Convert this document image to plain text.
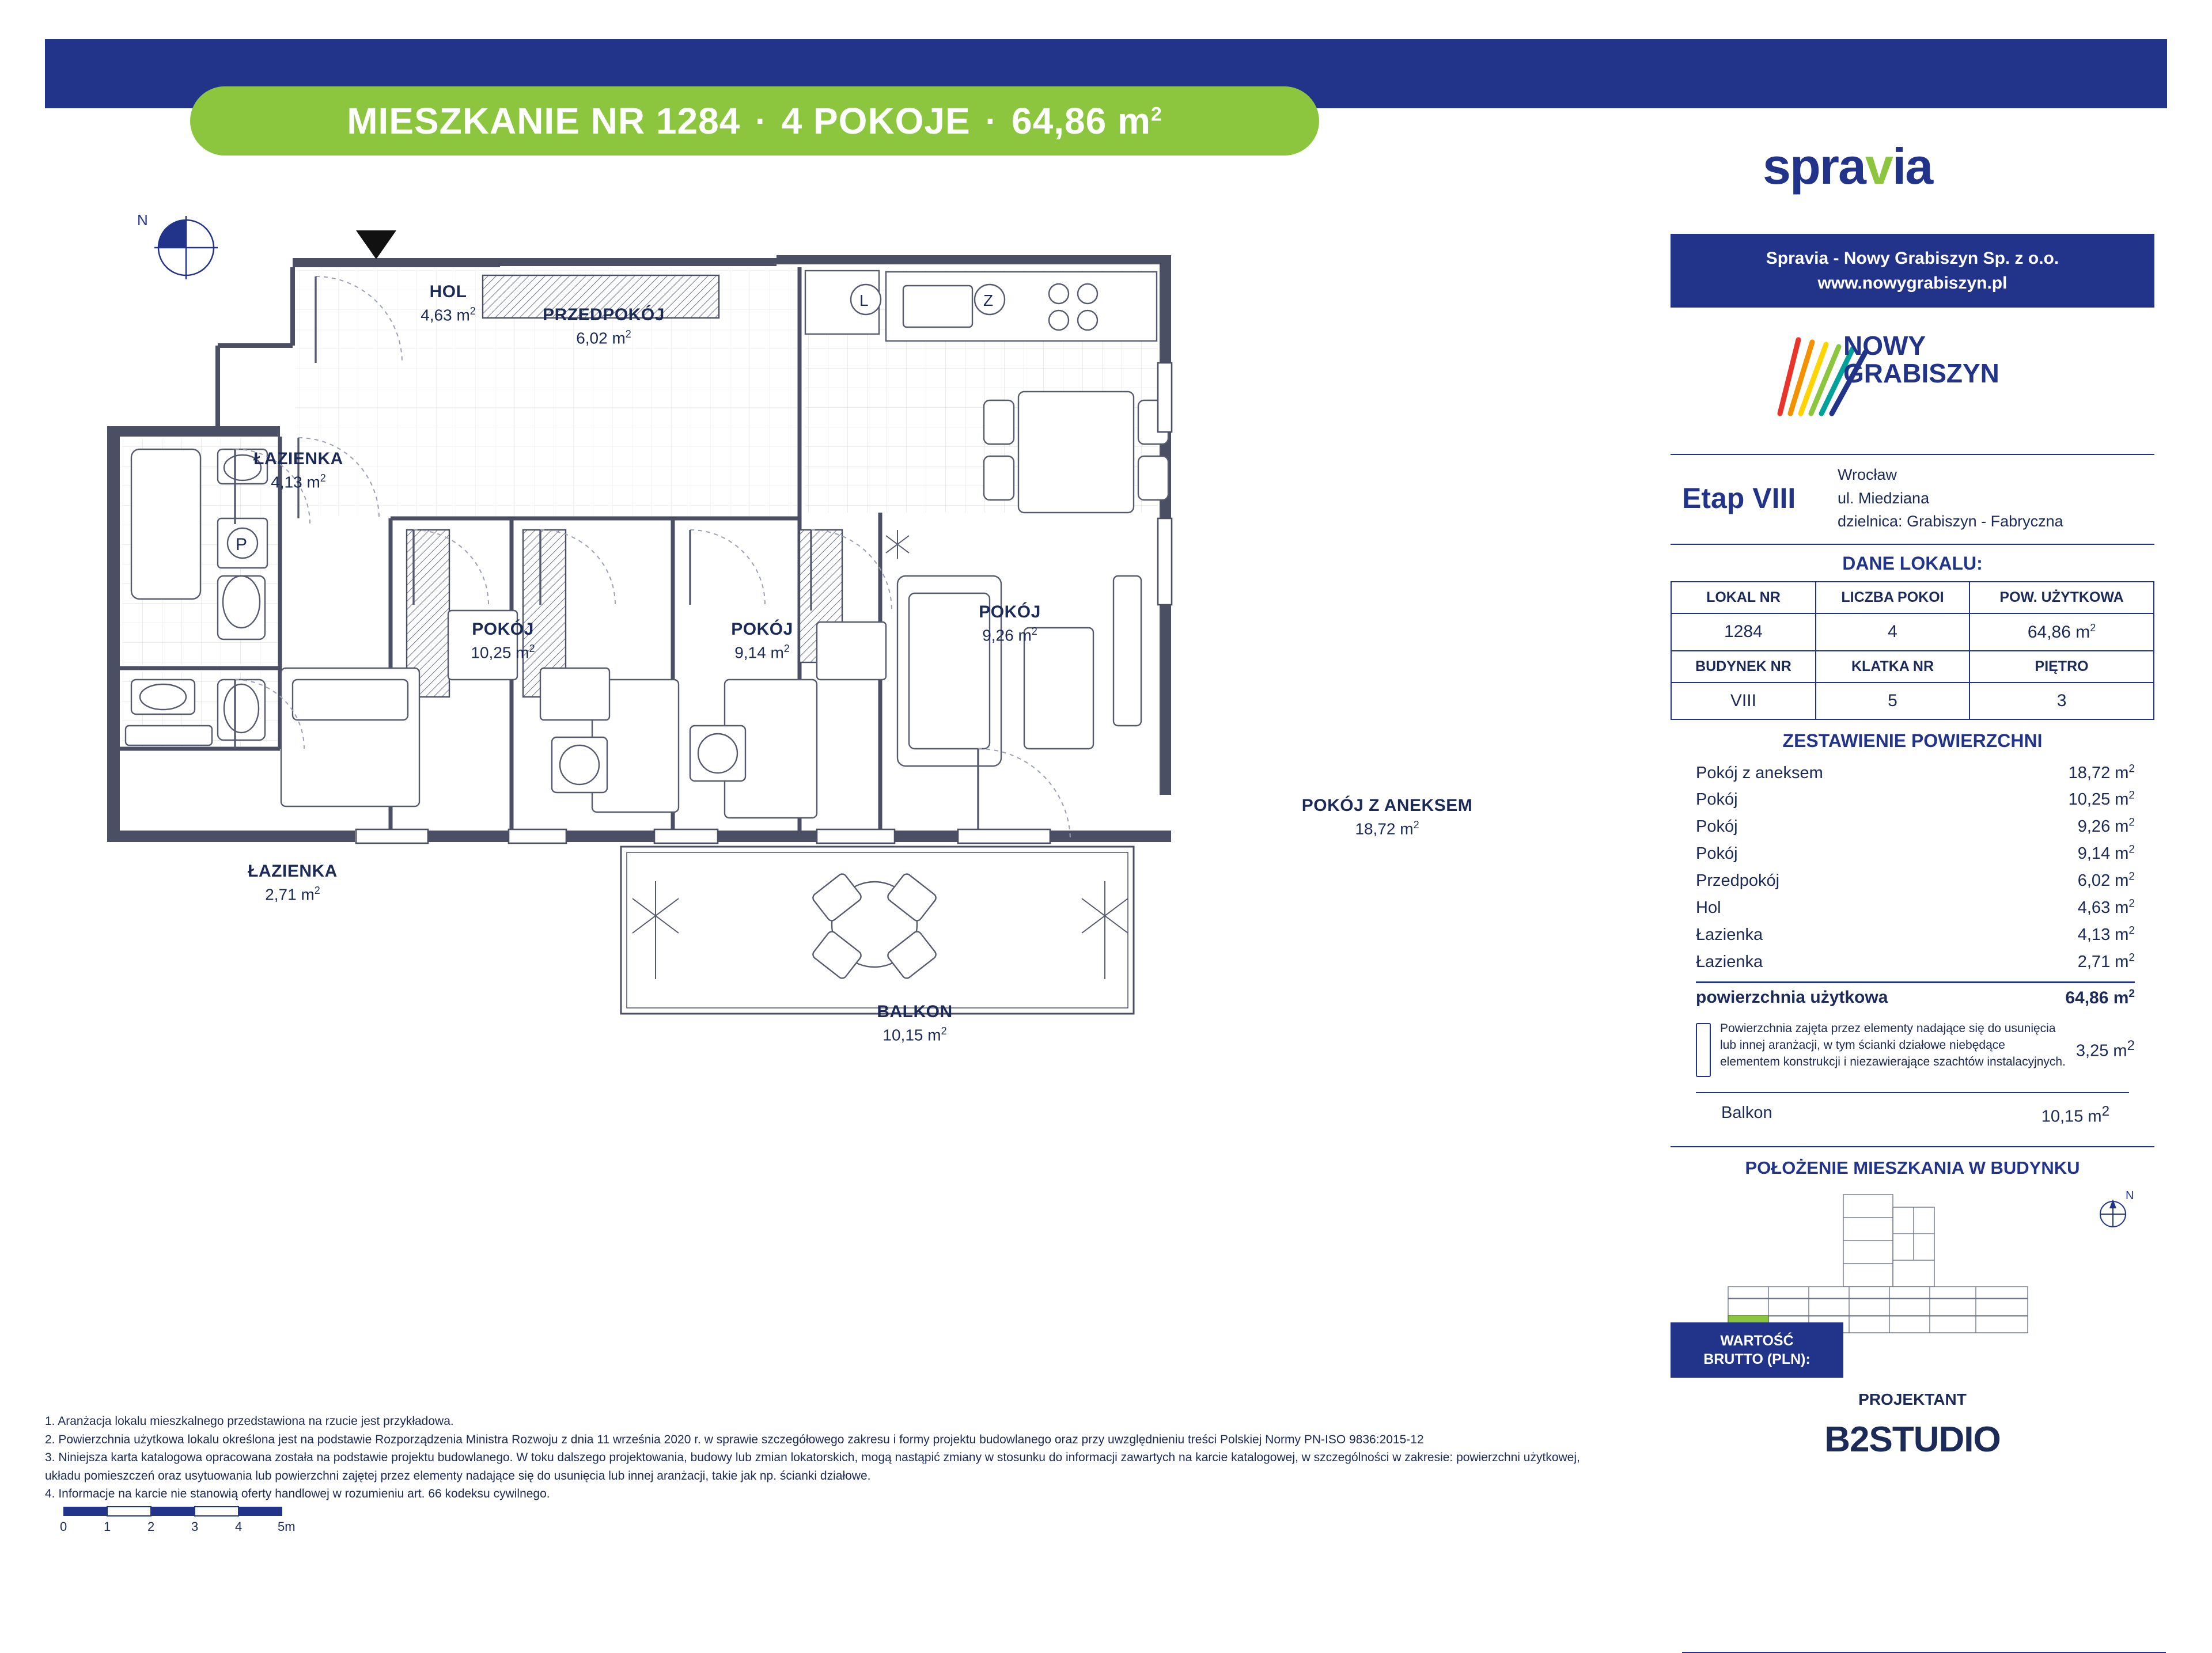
MIESZKANIE NR 1284 · 4 POKOJE · 64,86 $m^2$
spravia
Spravia - Nowy Grabiszyn Sp. z o.o.
www.nowygrabiszyn.pl
NOWY
GRABISZYN
Etap VIII
Wrocław
ul. Miedziana
dzielnica: Grabiszyn - Fabryczna
DANE LOKALU:
LOKAL NR	LICZBA POKOI	POW. UŻYTKOWA
1284	4	64,86 $m^2$
BUDYNEK NR	KLATKA NR	PIĘTRO
VIII	5	3
ZESTAWIENIE POWIERZCHNI
Pokój z aneksem	18,72 $m^2$
Pokój	10,25 $m^2$
Pokój	9,26 $m^2$
Pokój	9,14 $m^2$
Przedpokój	6,02 $m^2$
Hol	4,63 $m^2$
Łazienka	4,13 $m^2$
Łazienka	2,71 $m^2$
powierzchnia użytkowa	64,86 $m^2$
Powierzchnia zajęta przez elementy nadające się do usunięcia lub innej aranżacji, w tym ścianki działowe niebędące elementem konstrukcji i niezawierające szachtów instalacyjnych.
3,25 $m^2$
Balkon	10,15 $m^2$
POŁOŻENIE MIESZKANIA W BUDYNKU
N
WARTOŚĆ
BRUTTO (PLN):
PROJEKTANT
B2STUDIO
N
P
L	Z
HOL
4,63 $m^2$	PRZEDPOKÓJ
6,02 $m^2$
ŁAZIENKA
4,13 $m^2$
ŁAZIENKA
2,71 $m^2$
POKÓJ
10,25 $m^2$
POKÓJ
9,14 $m^2$
POKÓJ
9,26 $m^2$
POKÓJ Z ANEKSEM
18,72 $m^2$
BALKON
10,15 $m^2$
1. Aranżacja lokalu mieszkalnego przedstawiona na rzucie jest przykładowa.
2. Powierzchnia użytkowa lokalu określona jest na podstawie Rozporządzenia Ministra Rozwoju z dnia 11 września 2020 r. w sprawie szczegółowego zakresu i formy projektu budowlanego oraz przy uwzględnieniu treści Polskiej Normy PN-ISO 9836:2015-12
3. Niniejsza karta katalogowa opracowana została na podstawie projektu budowlanego. W toku dalszego projektowania, budowy lub zmian lokatorskich, mogą nastąpić zmiany w stosunku do informacji zawartych na karcie katalogowej, w szczególności w zakresie: powierzchni użytkowej, układu pomieszczeń oraz usytuowania lub powierzchni zajętej przez elementy nadające się do usunięcia lub innej aranżacji, takie jak np. ścianki działowe.
4. Informacje na karcie nie stanowią oferty handlowej w rozumieniu art. 66 kodeksu cywilnego.
0	1	2	3	4	5m
